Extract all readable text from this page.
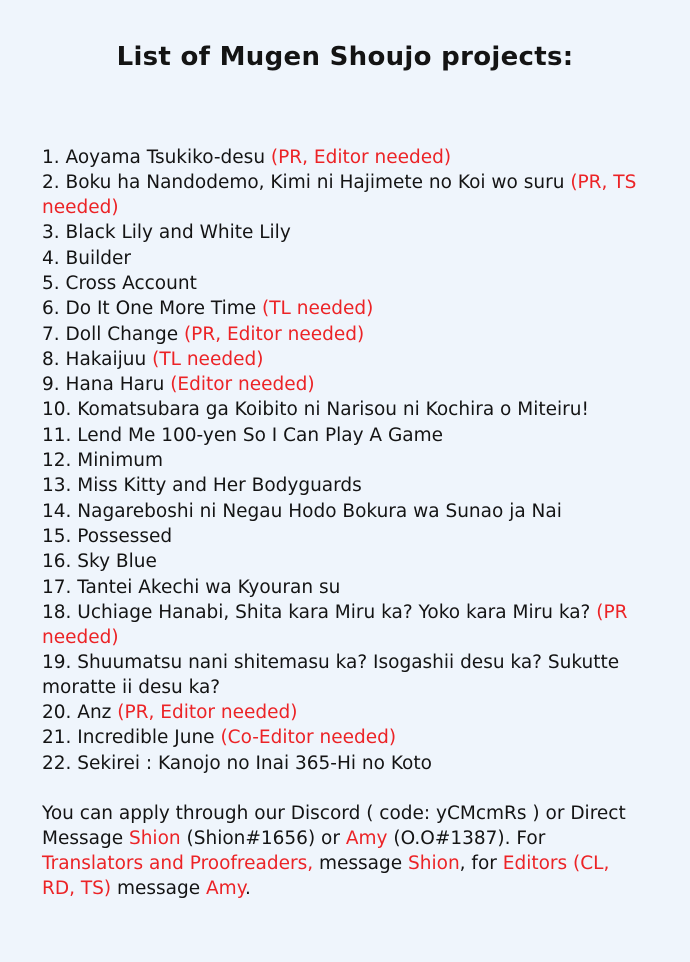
List of Mugen Shoujo projects:

1. Aoyama Tsukiko-desu (PR, Editor needed)

2. Boku ha Nandodemo, Kimi ni Hajimete no Koi wo suru (PR, TS needed)

3. Black Lily and White Lily

4. Builder

5. Cross Account

6. Do It One More Time (TL needed)

7. Doll Change (PR, Editor needed)

8. Hakaijuu (TL needed)

9. Hana Haru (Editor needed)

10. Komatsubara ga Koibito ni Narisou ni Kochira o Miteiru!

11. Lend Me 100-yen So I Can Play A Game

12. Minimum

13. Miss Kitty and Her Bodyguards

14. Nagareboshi ni Negau Hodo Bokura wa Sunao ja Nai

15. Possessed

16. Sky Blue

17. Tantei Akechi wa Kyouran su

18. Uchiage Hanabi, Shita kara Miru ka? Yoko kara Miru ka? (PR needed)

19. Shuumatsu nani shitemasu ka? Isogashii desu ka? Sukutte moratte ii desu ka?

20. Anz (PR, Editor needed)

21. Incredible June (Co-Editor needed)

22. Sekirei : Kanojo no Inai 365-Hi no Koto

You can apply through our Discord ( code: yCMcmRs ) or Direct Message Shion (Shion#1656) or Amy (O.O#1387). For Translators and Proofreaders, message Shion, for Editors (CL, RD, TS) message Amy.
